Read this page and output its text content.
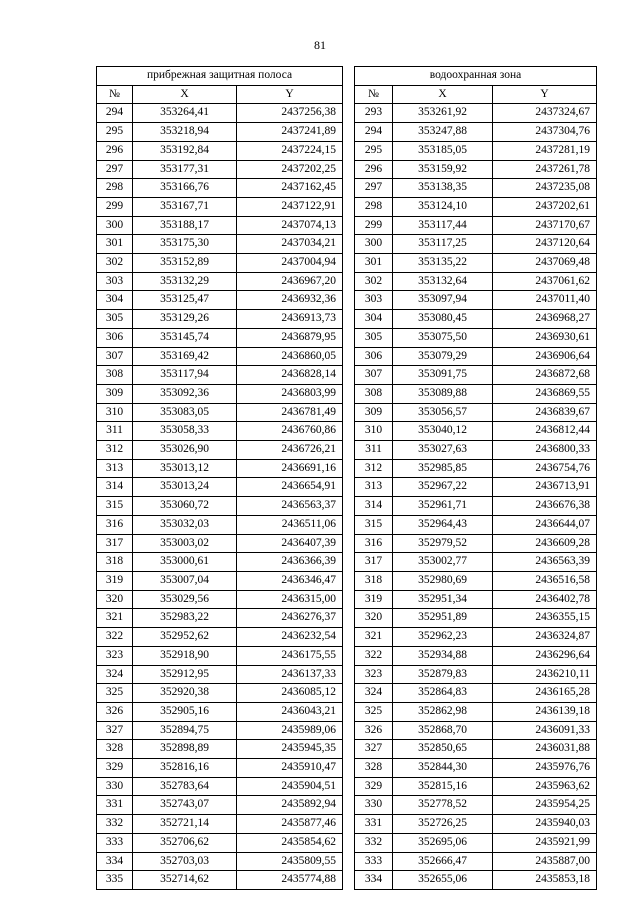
81
прибрежная защитная полоса				водоохранная зона		
№	X	Y		№	X	Y
294	353264,41	2437256,38		293	353261,92	2437324,67
295	353218,94	2437241,89		294	353247,88	2437304,76
296	353192,84	2437224,15		295	353185,05	2437281,19
297	353177,31	2437202,25		296	353159,92	2437261,78
298	353166,76	2437162,45		297	353138,35	2437235,08
299	353167,71	2437122,91		298	353124,10	2437202,61
300	353188,17	2437074,13		299	353117,44	2437170,67
301	353175,30	2437034,21		300	353117,25	2437120,64
302	353152,89	2437004,94		301	353135,22	2437069,48
303	353132,29	2436967,20		302	353132,64	2437061,62
304	353125,47	2436932,36		303	353097,94	2437011,40
305	353129,26	2436913,73		304	353080,45	2436968,27
306	353145,74	2436879,95		305	353075,50	2436930,61
307	353169,42	2436860,05		306	353079,29	2436906,64
308	353117,94	2436828,14		307	353091,75	2436872,68
309	353092,36	2436803,99		308	353089,88	2436869,55
310	353083,05	2436781,49		309	353056,57	2436839,67
311	353058,33	2436760,86		310	353040,12	2436812,44
312	353026,90	2436726,21		311	353027,63	2436800,33
313	353013,12	2436691,16		312	352985,85	2436754,76
314	353013,24	2436654,91		313	352967,22	2436713,91
315	353060,72	2436563,37		314	352961,71	2436676,38
316	353032,03	2436511,06		315	352964,43	2436644,07
317	353003,02	2436407,39		316	352979,52	2436609,28
318	353000,61	2436366,39		317	353002,77	2436563,39
319	353007,04	2436346,47		318	352980,69	2436516,58
320	353029,56	2436315,00		319	352951,34	2436402,78
321	352983,22	2436276,37		320	352951,89	2436355,15
322	352952,62	2436232,54		321	352962,23	2436324,87
323	352918,90	2436175,55		322	352934,88	2436296,64
324	352912,95	2436137,33		323	352879,83	2436210,11
325	352920,38	2436085,12		324	352864,83	2436165,28
326	352905,16	2436043,21		325	352862,98	2436139,18
327	352894,75	2435989,06		326	352868,70	2436091,33
328	352898,89	2435945,35		327	352850,65	2436031,88
329	352816,16	2435910,47		328	352844,30	2435976,76
330	352783,64	2435904,51		329	352815,16	2435963,62
331	352743,07	2435892,94		330	352778,52	2435954,25
332	352721,14	2435877,46		331	352726,25	2435940,03
333	352706,62	2435854,62		332	352695,06	2435921,99
334	352703,03	2435809,55		333	352666,47	2435887,00
335	352714,62	2435774,88		334	352655,06	2435853,18
